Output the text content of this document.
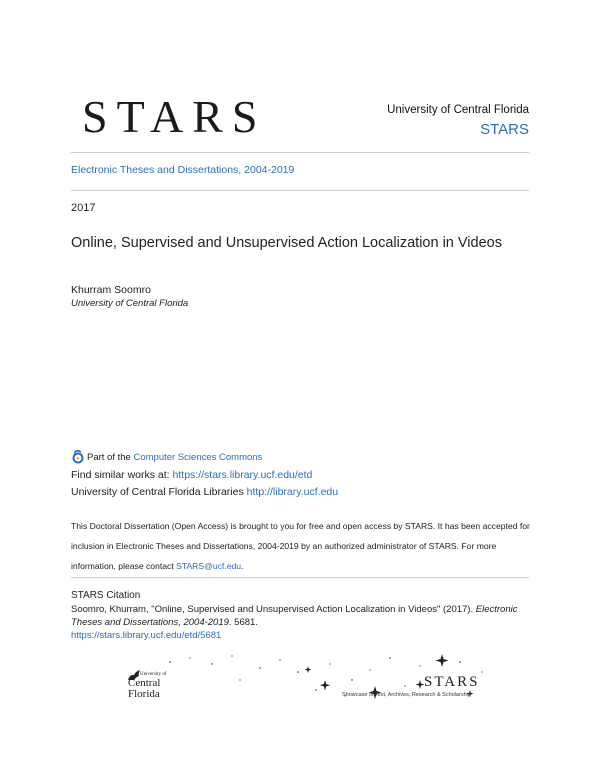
STARS	University of Central Florida
STARS
Electronic Theses and Dissertations, 2004-2019
2017
Online, Supervised and Unsupervised Action Localization in Videos
Khurram Soomro
University of Central Florida
Part of the
Computer Sciences Commons
Find similar works at: https://stars.library.ucf.edu/etd
University of Central Florida Libraries http://library.ucf.edu
This Doctoral Dissertation (Open Access) is brought to you for free and open access by STARS. It has been accepted for inclusion in Electronic Theses and Dissertations, 2004-2019 by an authorized administrator of STARS. For more information, please contact STARS@ucf.edu.
STARS Citation
Soomro, Khurram, "Online, Supervised and Unsupervised Action Localization in Videos" (2017). Electronic Theses and Dissertations, 2004-2019. 5681.
https://stars.library.ucf.edu/etd/5681
University of
Central
Florida
STARS
Showcase of Text, Archives, Research & Scholarship
